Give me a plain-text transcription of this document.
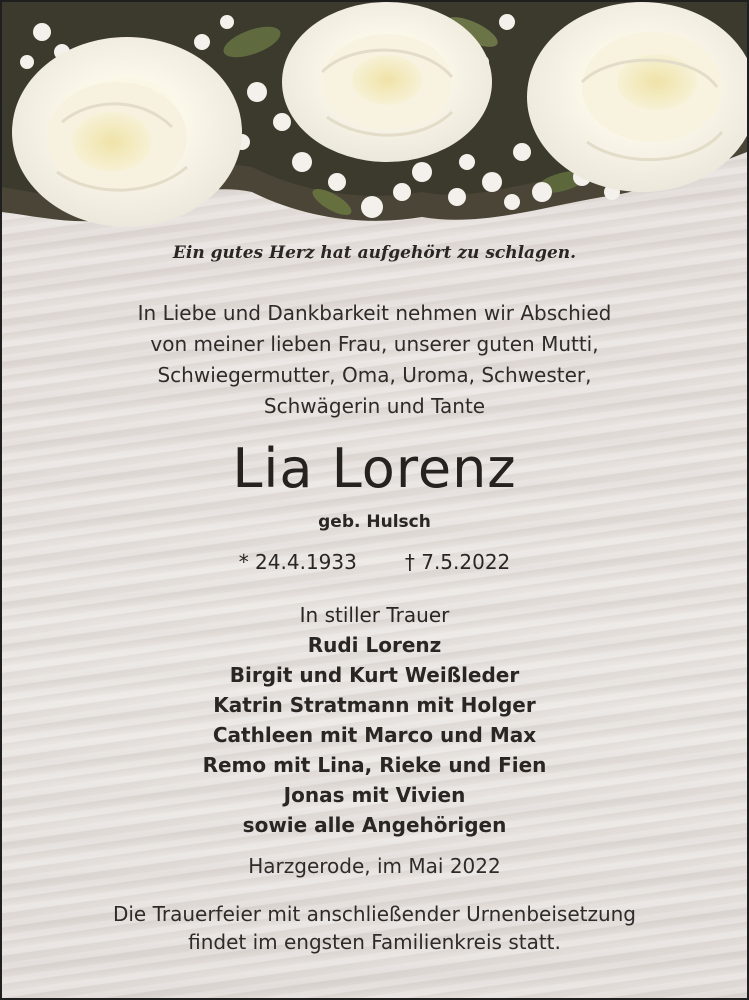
Ein gutes Herz hat aufgehört zu schlagen.
In Liebe und Dankbarkeit nehmen wir Abschied
von meiner lieben Frau, unserer guten Mutti,
Schwiegermutter, Oma, Uroma, Schwester,
Schwägerin und Tante
Lia Lorenz
geb. Hulsch
* 24.4.1933 † 7.5.2022
In stiller Trauer
Rudi Lorenz
Birgit und Kurt Weißleder
Katrin Stratmann mit Holger
Cathleen mit Marco und Max
Remo mit Lina, Rieke und Fien
Jonas mit Vivien
sowie alle Angehörigen
Harzgerode, im Mai 2022
Die Trauerfeier mit anschließender Urnenbeisetzung
findet im engsten Familienkreis statt.
